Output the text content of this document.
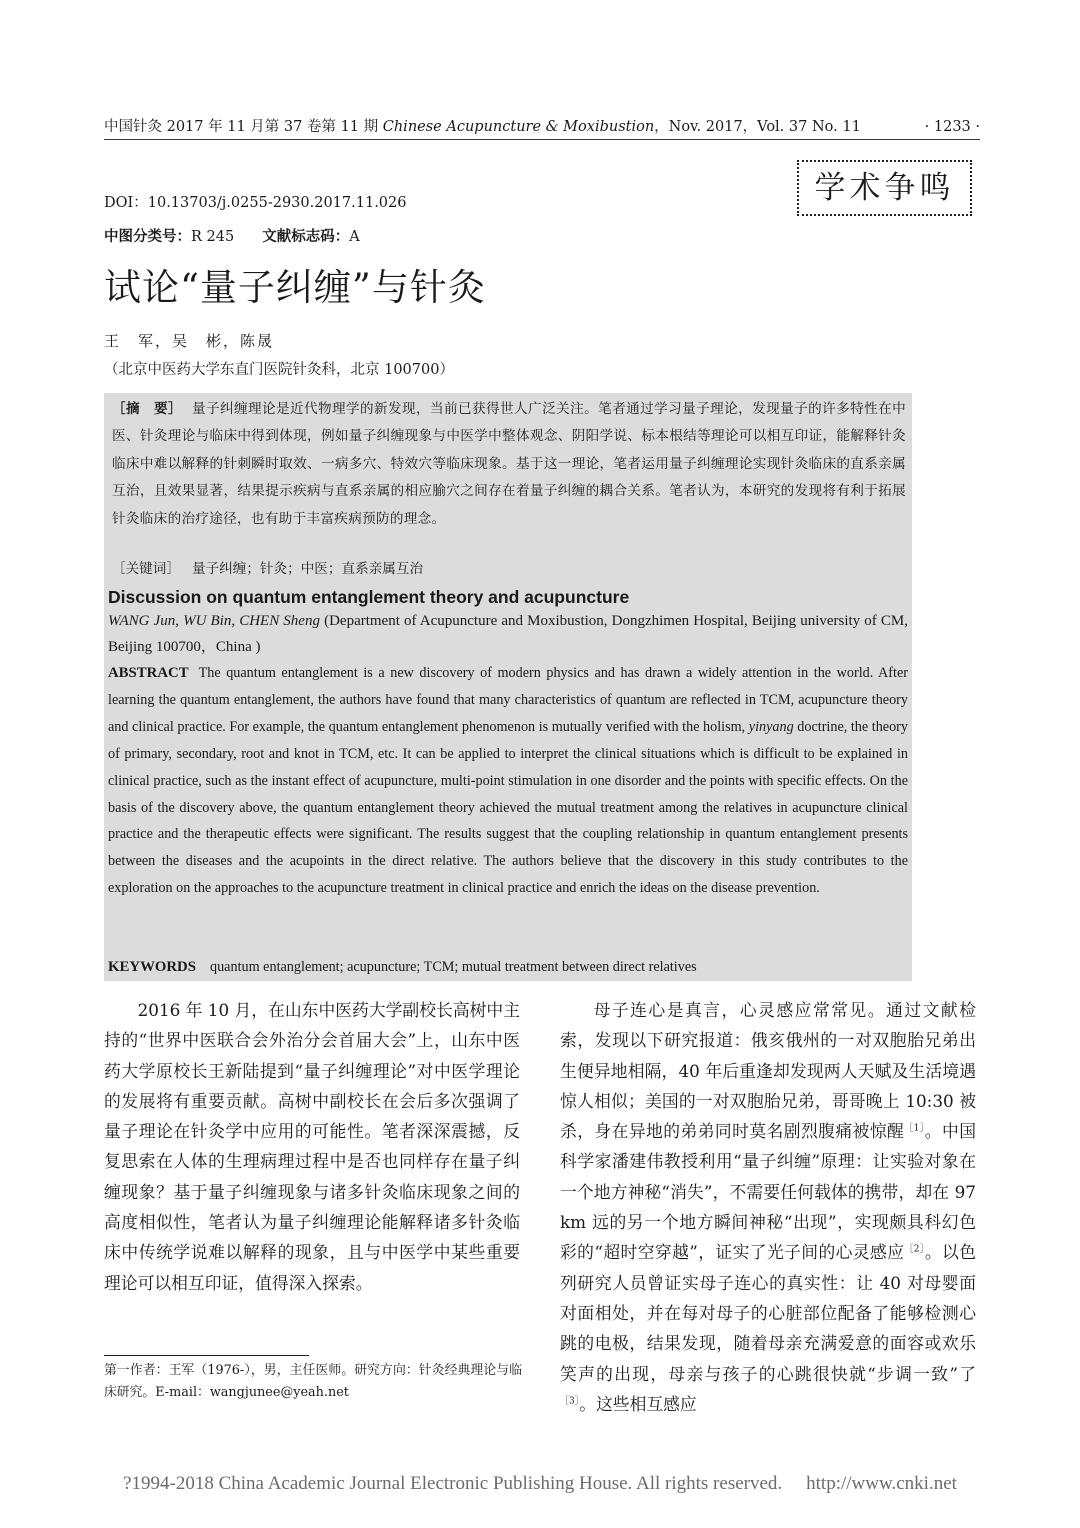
中国针灸 2017 年 11 月第 37 卷第 11 期 Chinese Acupuncture & Moxibustion，Nov. 2017，Vol. 37 No. 11	· 1233 ·
学术争鸣
DOI：10.13703/j.0255-2930.2017.11.026
中图分类号：R 245 文献标志码：A
试论“量子纠缠”与针灸
王　军，吴　彬，陈晟
（北京中医药大学东直门医院针灸科，北京 100700）
［摘　要］ 量子纠缠理论是近代物理学的新发现，当前已获得世人广泛关注。笔者通过学习量子理论，发现量子的许多特性在中医、针灸理论与临床中得到体现，例如量子纠缠现象与中医学中整体观念、阴阳学说、标本根结等理论可以相互印证，能解释针灸临床中难以解释的针刺瞬时取效、一病多穴、特效穴等临床现象。基于这一理论，笔者运用量子纠缠理论实现针灸临床的直系亲属互治，且效果显著，结果提示疾病与直系亲属的相应腧穴之间存在着量子纠缠的耦合关系。笔者认为，本研究的发现将有利于拓展针灸临床的治疗途径，也有助于丰富疾病预防的理念。
［关键词］ 量子纠缠；针灸；中医；直系亲属互治
Discussion on quantum entanglement theory and acupuncture
WANG Jun, WU Bin, CHEN Sheng (Department of Acupuncture and Moxibustion, Dongzhimen Hospital, Beijing university of CM, Beijing 100700，China )
ABSTRACT The quantum entanglement is a new discovery of modern physics and has drawn a widely attention in the world. After learning the quantum entanglement, the authors have found that many characteristics of quantum are reflected in TCM, acupuncture theory and clinical practice. For example, the quantum entanglement phenomenon is mutually verified with the holism, yinyang doctrine, the theory of primary, secondary, root and knot in TCM, etc. It can be applied to interpret the clinical situations which is difficult to be explained in clinical practice, such as the instant effect of acupuncture, multi-point stimulation in one disorder and the points with specific effects. On the basis of the discovery above, the quantum entanglement theory achieved the mutual treatment among the relatives in acupuncture clinical practice and the therapeutic effects were significant. The results suggest that the coupling relationship in quantum entanglement presents between the diseases and the acupoints in the direct relative. The authors believe that the discovery in this study contributes to the exploration on the approaches to the acupuncture treatment in clinical practice and enrich the ideas on the disease prevention.
KEYWORDS quantum entanglement; acupuncture; TCM; mutual treatment between direct relatives

2016 年 10 月，在山东中医药大学副校长高树中主持的“世界中医联合会外治分会首届大会”上，山东中医药大学原校长王新陆提到“量子纠缠理论”对中医学理论的发展将有重要贡献。高树中副校长在会后多次强调了量子理论在针灸学中应用的可能性。笔者深深震撼，反复思索在人体的生理病理过程中是否也同样存在量子纠缠现象？基于量子纠缠现象与诸多针灸临床现象之间的高度相似性，笔者认为量子纠缠理论能解释诸多针灸临床中传统学说难以解释的现象，且与中医学中某些重要理论可以相互印证，值得深入探索。

母子连心是真言，心灵感应常常见。通过文献检索，发现以下研究报道：俄亥俄州的一对双胞胎兄弟出生便异地相隔，40 年后重逢却发现两人天赋及生活境遇惊人相似；美国的一对双胞胎兄弟，哥哥晚上 10:30 被杀，身在异地的弟弟同时莫名剧烈腹痛被惊醒$^{[1]}$。中国科学家潘建伟教授利用“量子纠缠”原理：让实验对象在一个地方神秘“消失”，不需要任何载体的携带，却在 97 km 远的另一个地方瞬间神秘“出现”，实现颇具科幻色彩的“超时空穿越”，证实了光子间的心灵感应$^{[2]}$。以色列研究人员曾证实母子连心的真实性：让 40 对母婴面对面相处，并在每对母子的心脏部位配备了能够检测心跳的电极，结果发现，随着母亲充满爱意的面容或欢乐笑声的出现，母亲与孩子的心跳很快就“步调一致”了$^{[3]}$。这些相互感应

第一作者：王军（1976-），男，主任医师。研究方向：针灸经典理论与临床研究。E-mail：wangjunee@yeah.net
?1994-2018 China Academic Journal Electronic Publishing House. All rights reserved. http://www.cnki.net
